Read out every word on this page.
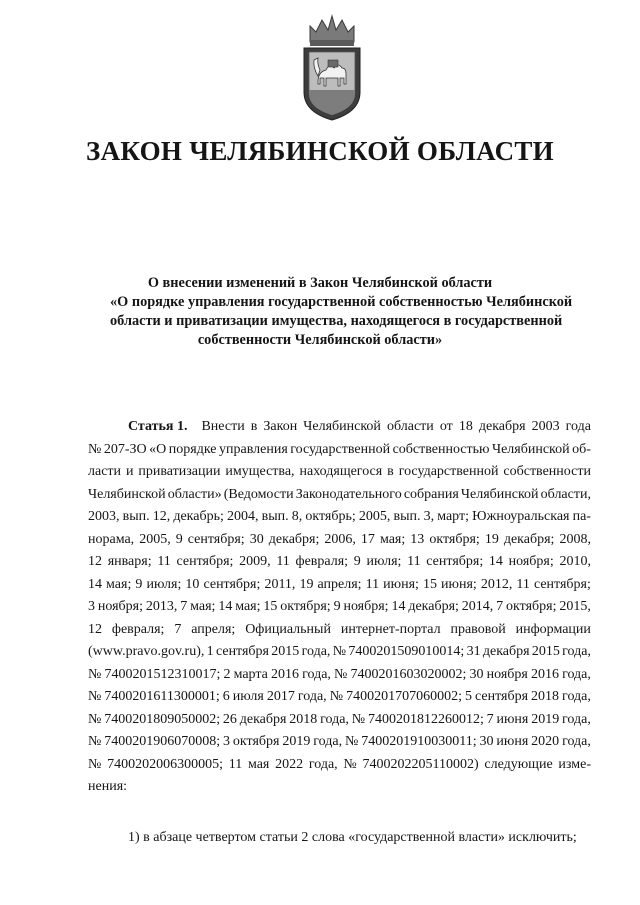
ЗАКОН ЧЕЛЯБИНСКОЙ ОБЛАСТИ
О внесении изменений в Закон Челябинской области
«О порядке управления государственной собственностью Челябинской
области и приватизации имущества, находящегося в государственной
собственности Челябинской области»
Статья 1. Внести в Закон Челябинской области от 18 декабря 2003 года
№ 207-ЗО «О порядке управления государственной собственностью Челябинской об-
ласти и приватизации имущества, находящегося в государственной собственности
Челябинской области» (Ведомости Законодательного собрания Челябинской области,
2003, вып. 12, декабрь; 2004, вып. 8, октябрь; 2005, вып. 3, март; Южноуральская па-
норама, 2005, 9 сентября; 30 декабря; 2006, 17 мая; 13 октября; 19 декабря; 2008,
12 января; 11 сентября; 2009, 11 февраля; 9 июля; 11 сентября; 14 ноября; 2010,
14 мая; 9 июля; 10 сентября; 2011, 19 апреля; 11 июня; 15 июня; 2012, 11 сентября;
3 ноября; 2013, 7 мая; 14 мая; 15 октября; 9 ноября; 14 декабря; 2014, 7 октября; 2015,
12 февраля; 7 апреля; Официальный интернет-портал правовой информации
(www.pravo.gov.ru), 1 сентября 2015 года, № 7400201509010014; 31 декабря 2015 года,
№ 7400201512310017; 2 марта 2016 года, № 7400201603020002; 30 ноября 2016 года,
№ 7400201611300001; 6 июля 2017 года, № 7400201707060002; 5 сентября 2018 года,
№ 7400201809050002; 26 декабря 2018 года, № 7400201812260012; 7 июня 2019 года,
№ 7400201906070008; 3 октября 2019 года, № 7400201910030011; 30 июня 2020 года,
№ 7400202006300005; 11 мая 2022 года, № 7400202205110002) следующие изме-
нения:
1) в абзаце четвертом статьи 2 слова «государственной власти» исключить;
